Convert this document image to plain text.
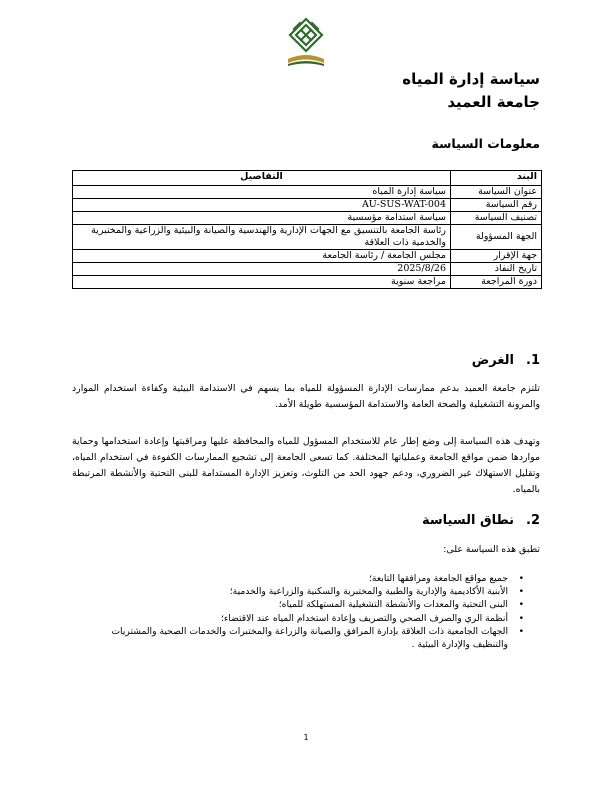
سياسة إدارة المياه
جامعة العميد
معلومات السياسة
البند	التفاصيل
عنوان السياسة	سياسة إدارة المياه
رقم السياسة	AU-SUS-WAT-004
تصنيف السياسة	سياسة استدامة مؤسسية
الجهة المسؤولة	رئاسة الجامعة بالتنسيق مع الجهات الإدارية والهندسية والصيانة والبيئية والزراعية والمختبرية والخدمية ذات العلاقة
جهة الإقرار	مجلس الجامعة / رئاسة الجامعة
تاريخ النفاذ	2025/8/26
دورة المراجعة	مراجعة سنوية
1.الغرض
تلتزم جامعة العميد بدعم ممارسات الإدارة المسؤولة للمياه بما يسهم في الاستدامة البيئية وكفاءة استخدام الموارد والمرونة التشغيلية والصحة العامة والاستدامة المؤسسية طويلة الأمد.
وتهدف هذه السياسة إلى وضع إطار عام للاستخدام المسؤول للمياه والمحافظة عليها ومراقبتها وإعادة استخدامها وحماية مواردها ضمن مواقع الجامعة وعملياتها المختلفة. كما تسعى الجامعة إلى تشجيع الممارسات الكفوءة في استخدام المياه، وتقليل الاستهلاك غير الضروري، ودعم جهود الحد من التلوث، وتعزيز الإدارة المستدامة للبنى التحتية والأنشطة المرتبطة بالمياه.
2.نطاق السياسة
تطبق هذه السياسة على:
•
جميع مواقع الجامعة ومرافقها التابعة؛
•
الأبنية الأكاديمية والإدارية والطبية والمختبرية والسكنية والزراعية والخدمية؛
•
البنى التحتية والمعدات والأنشطة التشغيلية المستهلكة للمياه؛
•
أنظمة الري والصرف الصحي والتصريف وإعادة استخدام المياه عند الاقتضاء؛
•
الجهات الجامعية ذات العلاقة بإدارة المرافق والصيانة والزراعة والمختبرات والخدمات الصحية والمشتريات والتنظيف والإدارة البيئية .
1
